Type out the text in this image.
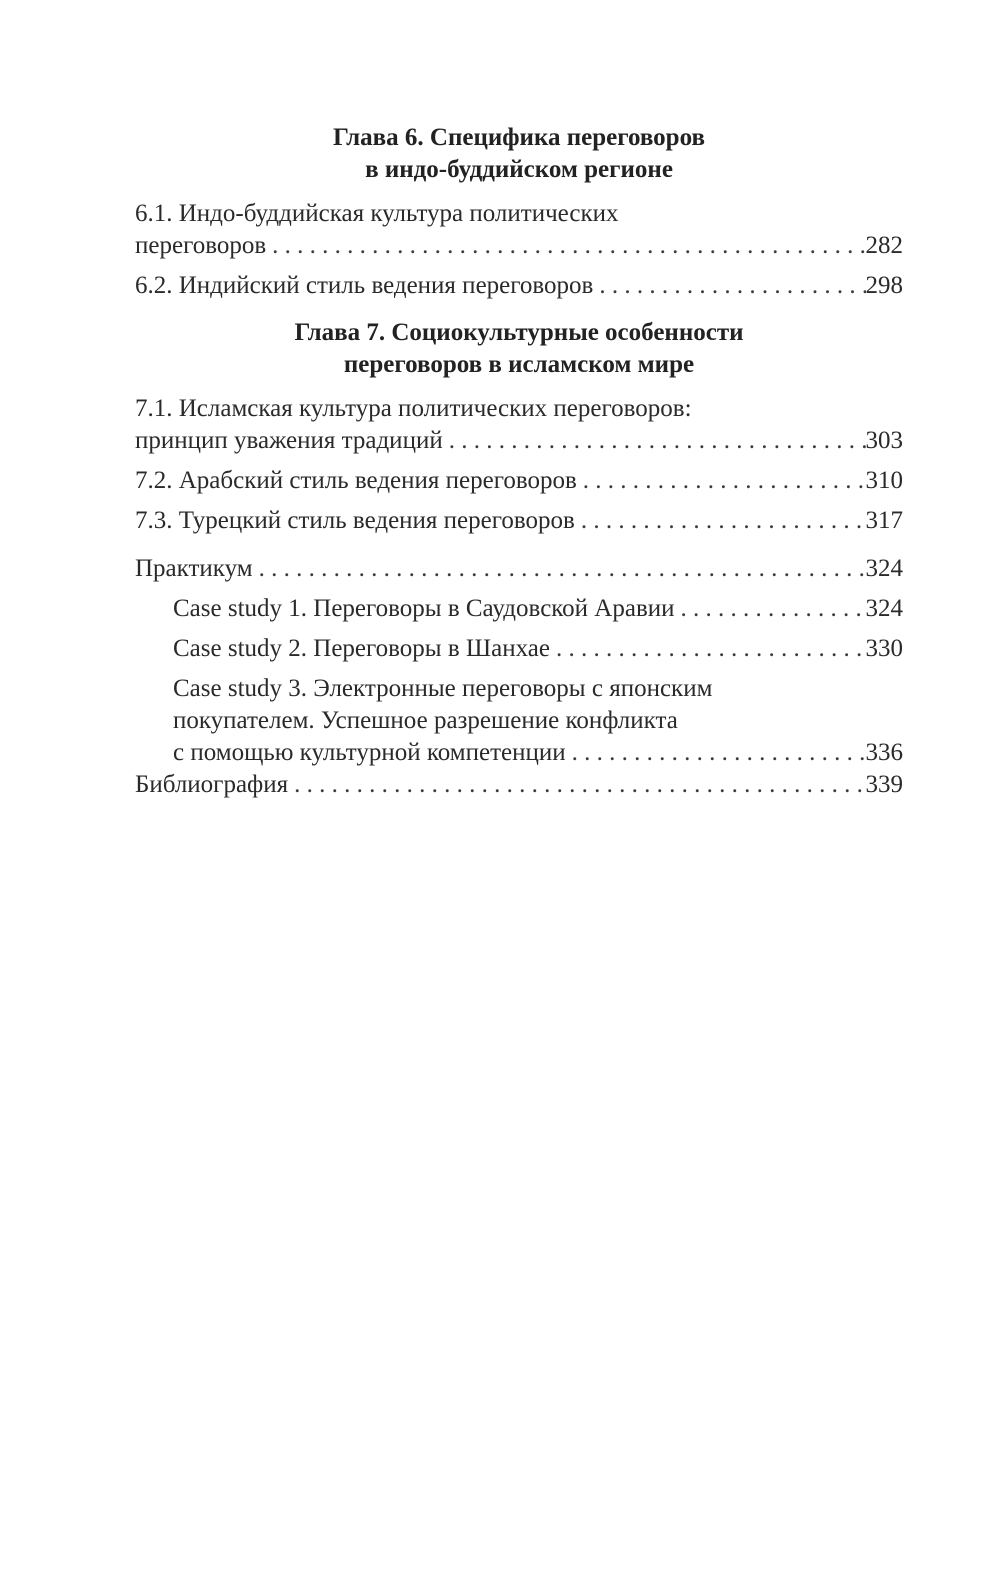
Глава 6. Специфика переговоров
в индо-буддийском регионе
6.1. Индо-буддийская культура политических
переговоров . . .	282
6.2. Индийский стиль ведения переговоров . . .	298
Глава 7. Социокультурные особенности
переговоров в исламском мире
7.1. Исламская культура политических переговоров:
принцип уважения традиций . . .	303
7.2. Арабский стиль ведения переговоров . . .	310
7.3. Турецкий стиль ведения переговоров . . .	317
Практикум . . .	324
Case study 1. Переговоры в Саудовской Аравии . . .	324
Case study 2. Переговоры в Шанхае . . .	330
Case study 3. Электронные переговоры с японским
покупателем. Успешное разрешение конфликта
с помощью культурной компетенции . . .	336
Библиография . . .	339
